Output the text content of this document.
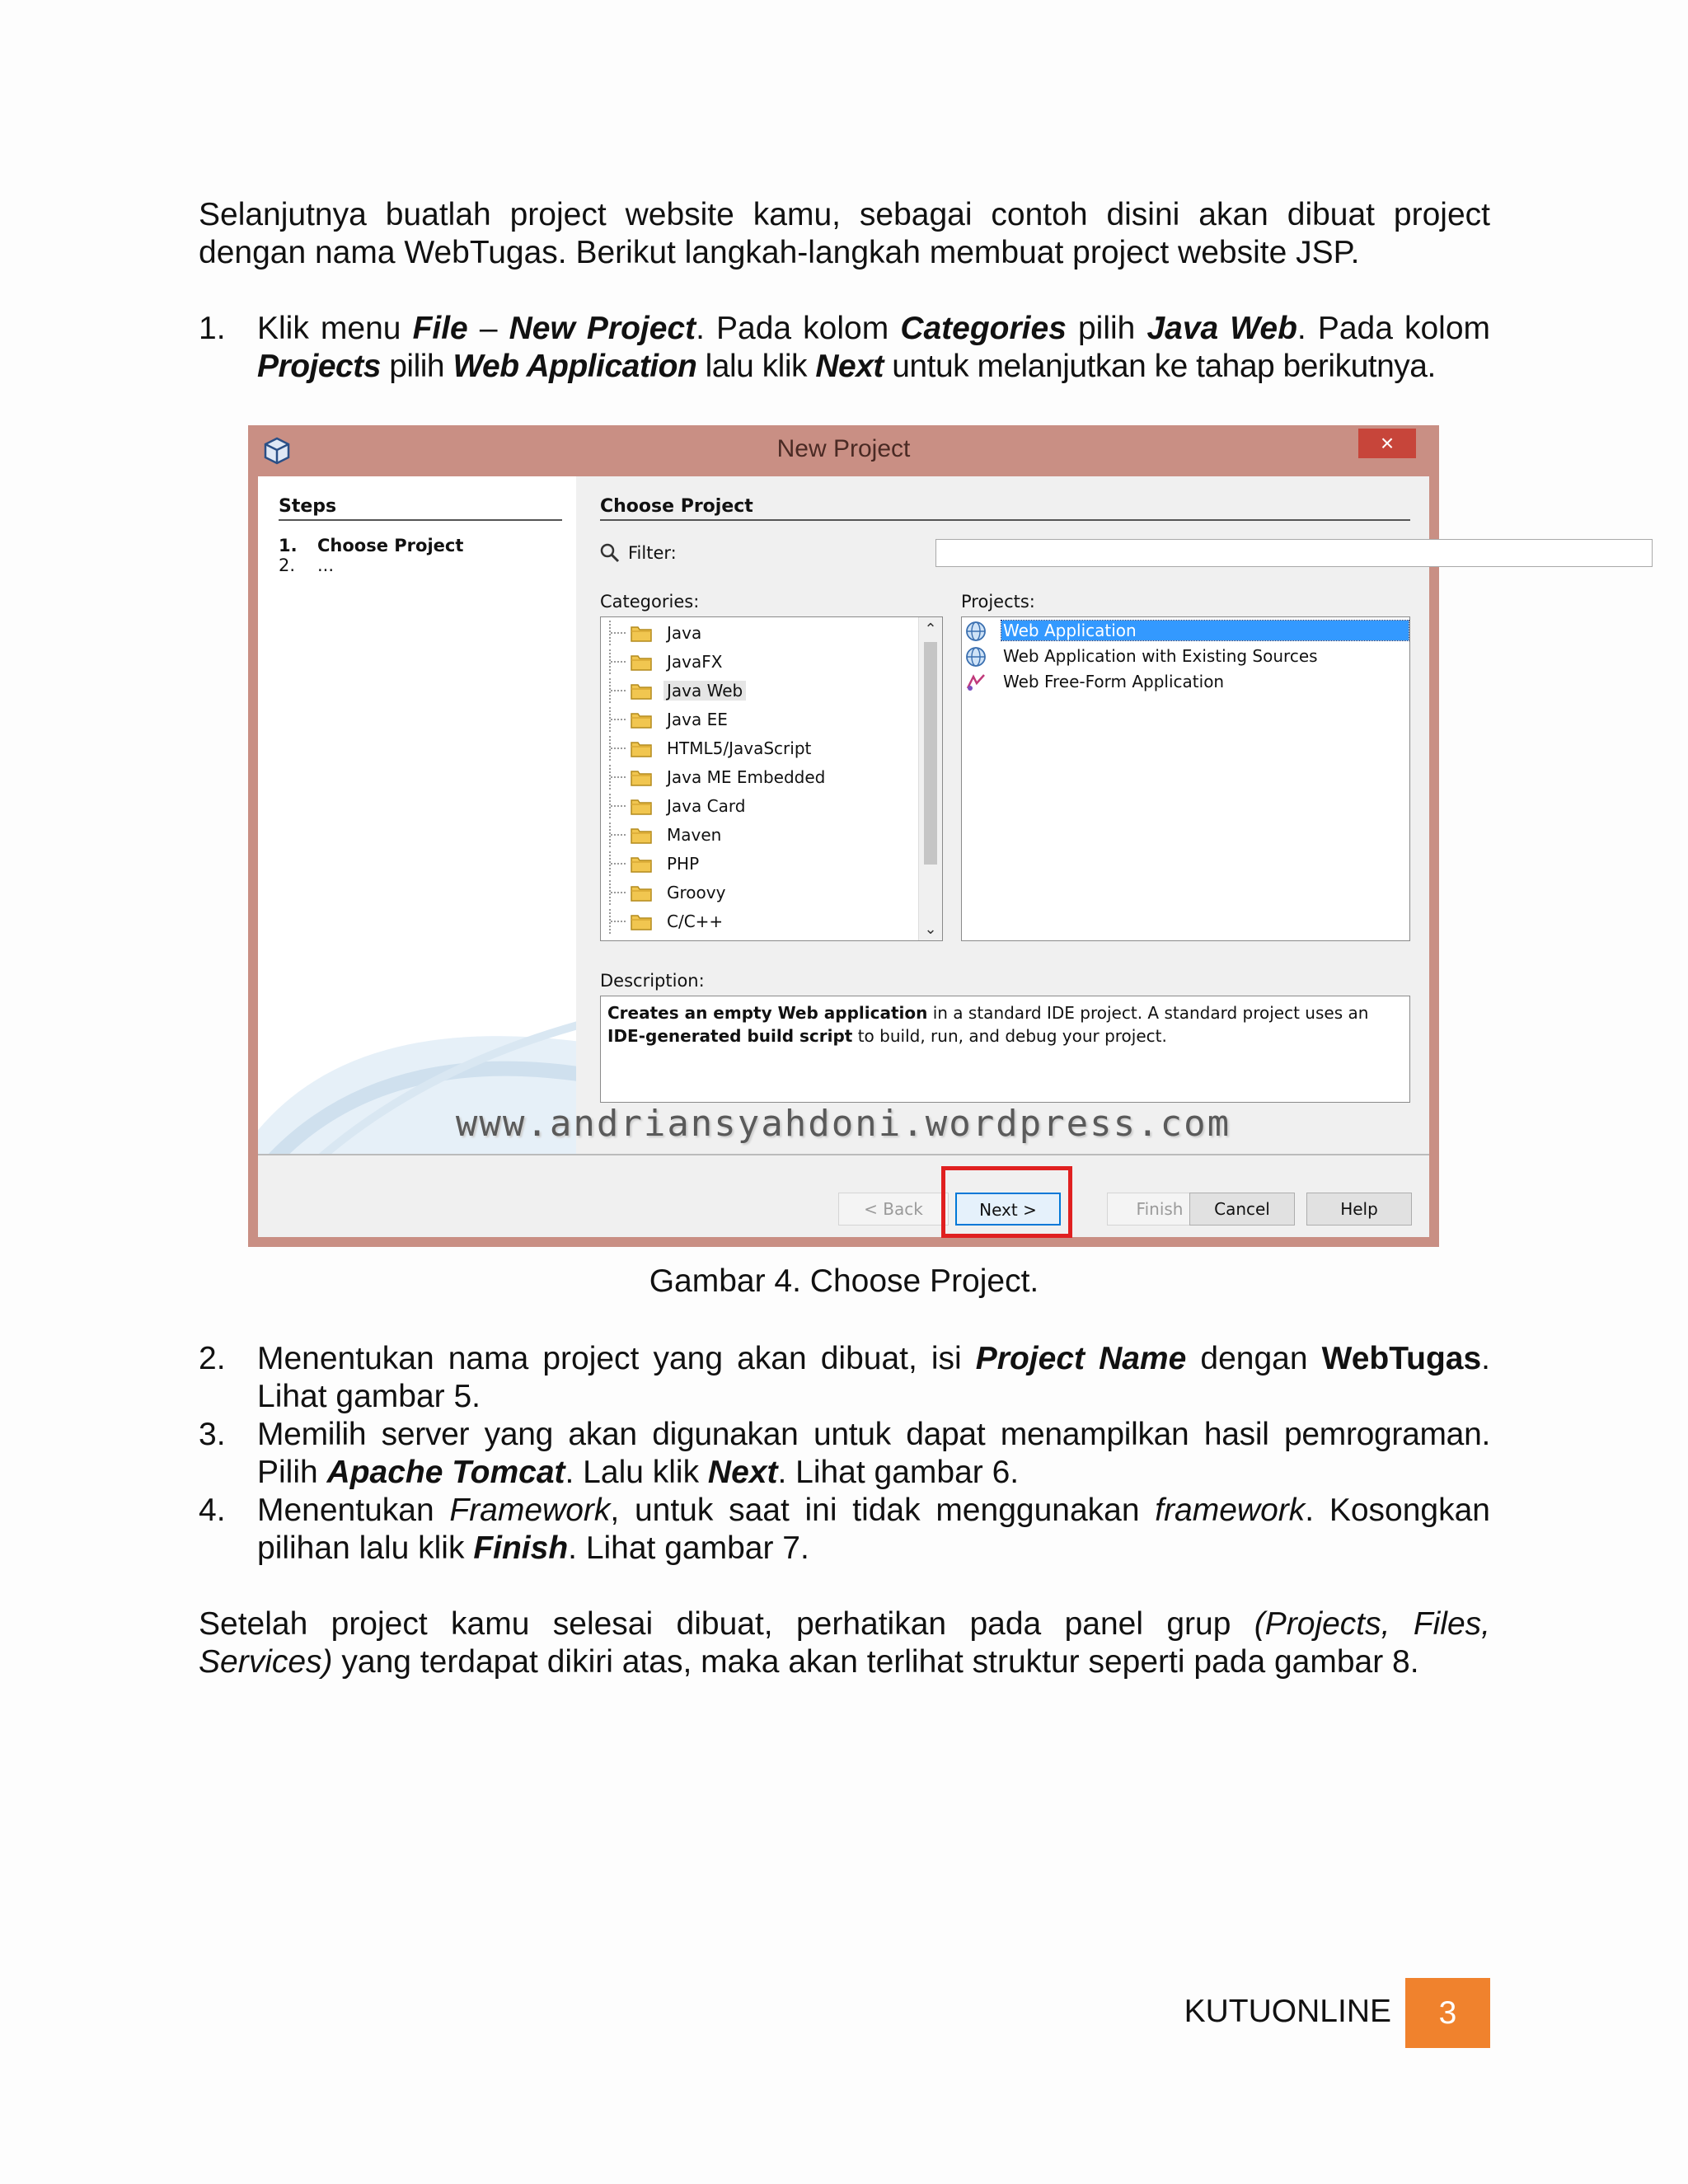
Selanjutnya buatlah project website kamu, sebagai contoh disini akan dibuat project

dengan nama WebTugas. Berikut langkah-langkah membuat project website JSP.

1. Klik menu File – New Project. Pada kolom Categories pilih Java Web. Pada kolom
Projects pilih Web Application lalu klik Next untuk melanjutkan ke tahap berikutnya.
New Project	×
Steps
1. Choose Project
2. ...
Choose Project
Filter:
Categories:	Projects:
Java
JavaFX
Java Web
Java EE
HTML5/JavaScript
Java ME Embedded
Java Card
Maven
PHP
Groovy
C/C++
⌃
⌄
Web Application
Web Application with Existing Sources
Web Free-Form Application
Description:
Creates an empty Web application in a standard IDE project. A standard project uses an IDE-generated build script to build, run, and debug your project.
www.andriansyahdoni.wordpress.com
< Back	Next >	Finish	Cancel	Help
Gambar 4. Choose Project.
2. Menentukan nama project yang akan dibuat, isi Project Name dengan WebTugas.
Lihat gambar 5.
3. Memilih server yang akan digunakan untuk dapat menampilkan hasil pemrograman.
Pilih Apache Tomcat. Lalu klik Next. Lihat gambar 6.
4. Menentukan Framework, untuk saat ini tidak menggunakan framework. Kosongkan
pilihan lalu klik Finish. Lihat gambar 7.
Setelah project kamu selesai dibuat, perhatikan pada panel grup (Projects, Files,
Services) yang terdapat dikiri atas, maka akan terlihat struktur seperti pada gambar 8.
KUTUONLINE	3
